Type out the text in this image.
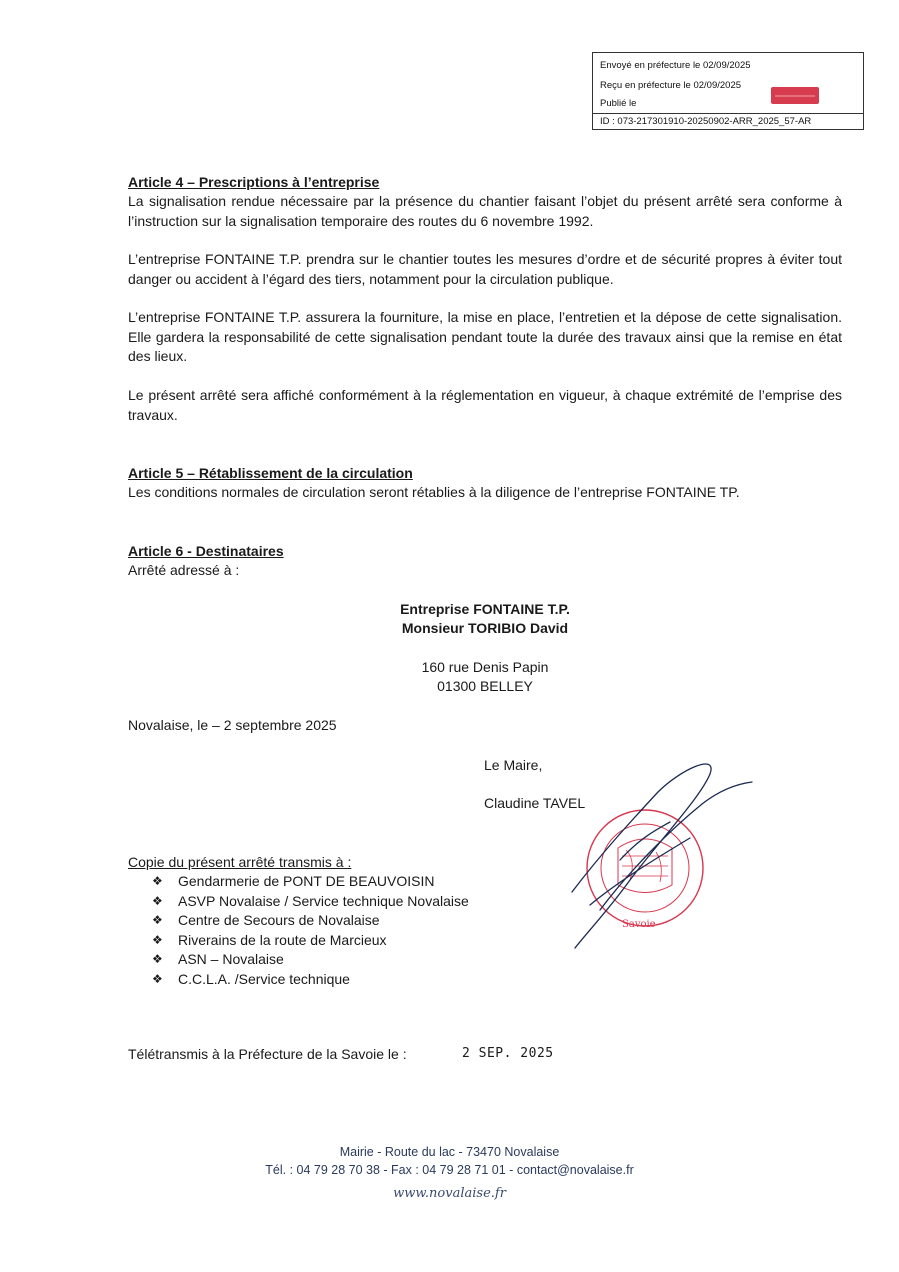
Envoyé en préfecture le 02/09/2025
Reçu en préfecture le 02/09/2025
Publié le
ID : 073-217301910-20250902-ARR_2025_57-AR
Article 4 – Prescriptions à l’entreprise
La signalisation rendue nécessaire par la présence du chantier faisant l’objet du présent arrêté sera conforme à l’instruction sur la signalisation temporaire des routes du 6 novembre 1992.
L’entreprise FONTAINE T.P. prendra sur le chantier toutes les mesures d’ordre et de sécurité propres à éviter tout danger ou accident à l’égard des tiers, notamment pour la circulation publique.
L’entreprise FONTAINE T.P. assurera la fourniture, la mise en place, l’entretien et la dépose de cette signalisation. Elle gardera la responsabilité de cette signalisation pendant toute la durée des travaux ainsi que la remise en état des lieux.
Le présent arrêté sera affiché conformément à la réglementation en vigueur, à chaque extrémité de l’emprise des travaux.
Article 5 – Rétablissement de la circulation
Les conditions normales de circulation seront rétablies à la diligence de l’entreprise FONTAINE TP.
Article 6 - Destinataires
Arrêté adressé à :
Entreprise FONTAINE T.P.
Monsieur TORIBIO David
160 rue Denis Papin
01300 BELLEY
Novalaise, le – 2 septembre 2025
Le Maire,
Claudine TAVEL
Savoie
Copie du présent arrêté transmis à :
❖	Gendarmerie de PONT DE BEAUVOISIN
❖	ASVP Novalaise / Service technique Novalaise
❖	Centre de Secours de Novalaise
❖	Riverains de la route de Marcieux
❖	ASN – Novalaise
❖	C.C.L.A. /Service technique
Télétransmis à la Préfecture de la Savoie le :	2 SEP. 2025
Mairie - Route du lac - 73470 Novalaise
Tél. : 04 79 28 70 38 - Fax : 04 79 28 71 01 - contact@novalaise.fr
www.novalaise.fr
